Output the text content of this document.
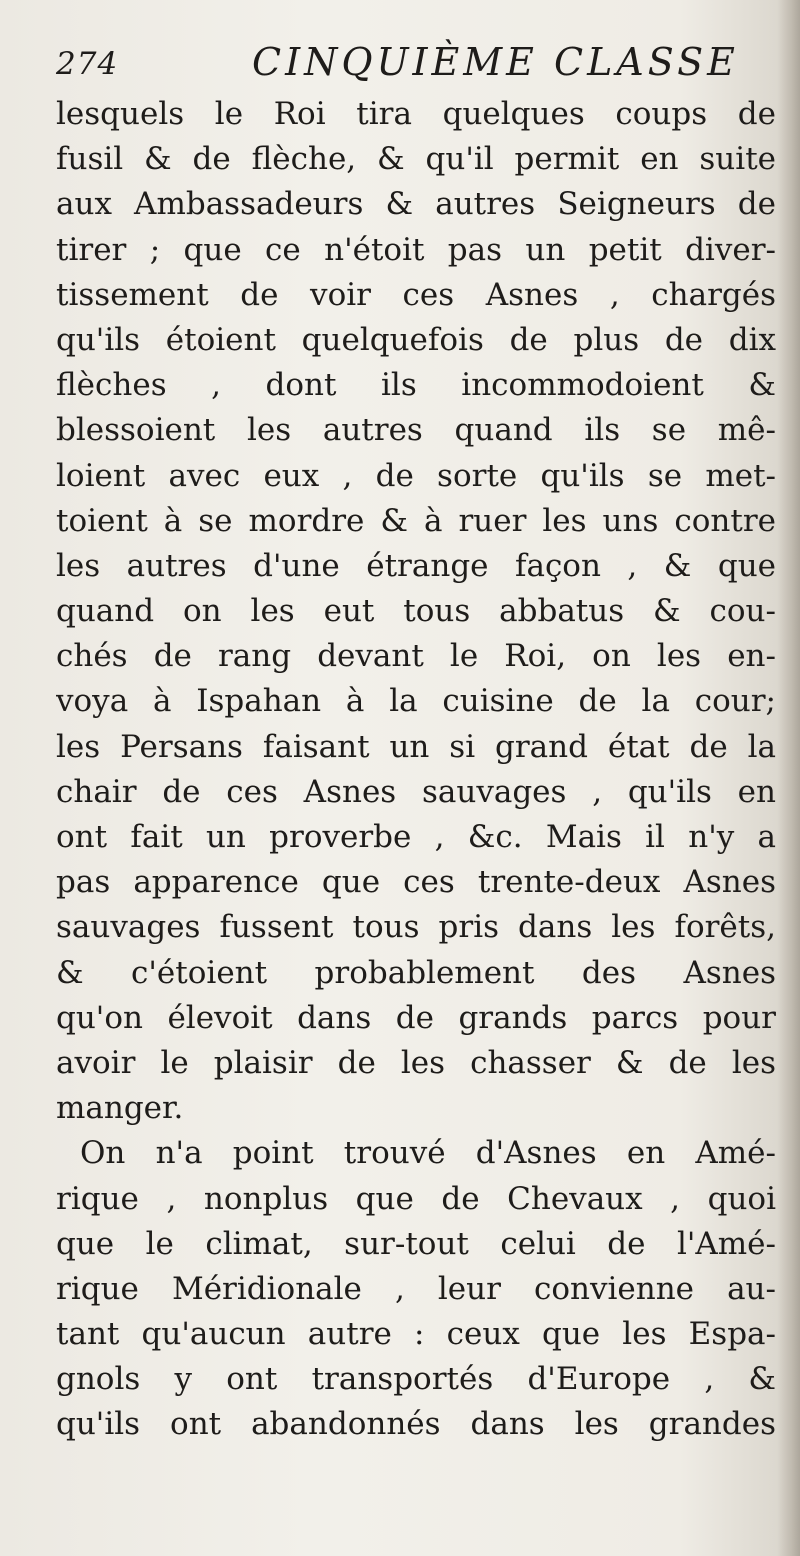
274	CINQUIÈME CLASSE
lesquels le Roi tira quelques coups de
fusil & de flèche, & qu'il permit en suite
aux Ambassadeurs & autres Seigneurs de
tirer ; que ce n'étoit pas un petit diver-
tissement de voir ces Asnes , chargés
qu'ils étoient quelquefois de plus de dix
flèches , dont ils incommodoient &
blessoient les autres quand ils se mê-
loient avec eux , de sorte qu'ils se met-
toient à se mordre & à ruer les uns contre
les autres d'une étrange façon , & que
quand on les eut tous abbatus & cou-
chés de rang devant le Roi, on les en-
voya à Ispahan à la cuisine de la cour;
les Persans faisant un si grand état de la
chair de ces Asnes sauvages , qu'ils en
ont fait un proverbe , &c. Mais il n'y a
pas apparence que ces trente-deux Asnes
sauvages fussent tous pris dans les forêts,
& c'étoient probablement des Asnes
qu'on élevoit dans de grands parcs pour
avoir le plaisir de les chasser & de les
manger.
On n'a point trouvé d'Asnes en Amé-
rique , nonplus que de Chevaux , quoi
que le climat, sur-tout celui de l'Amé-
rique Méridionale , leur convienne au-
tant qu'aucun autre : ceux que les Espa-
gnols y ont transportés d'Europe , &
qu'ils ont abandonnés dans les grandes
